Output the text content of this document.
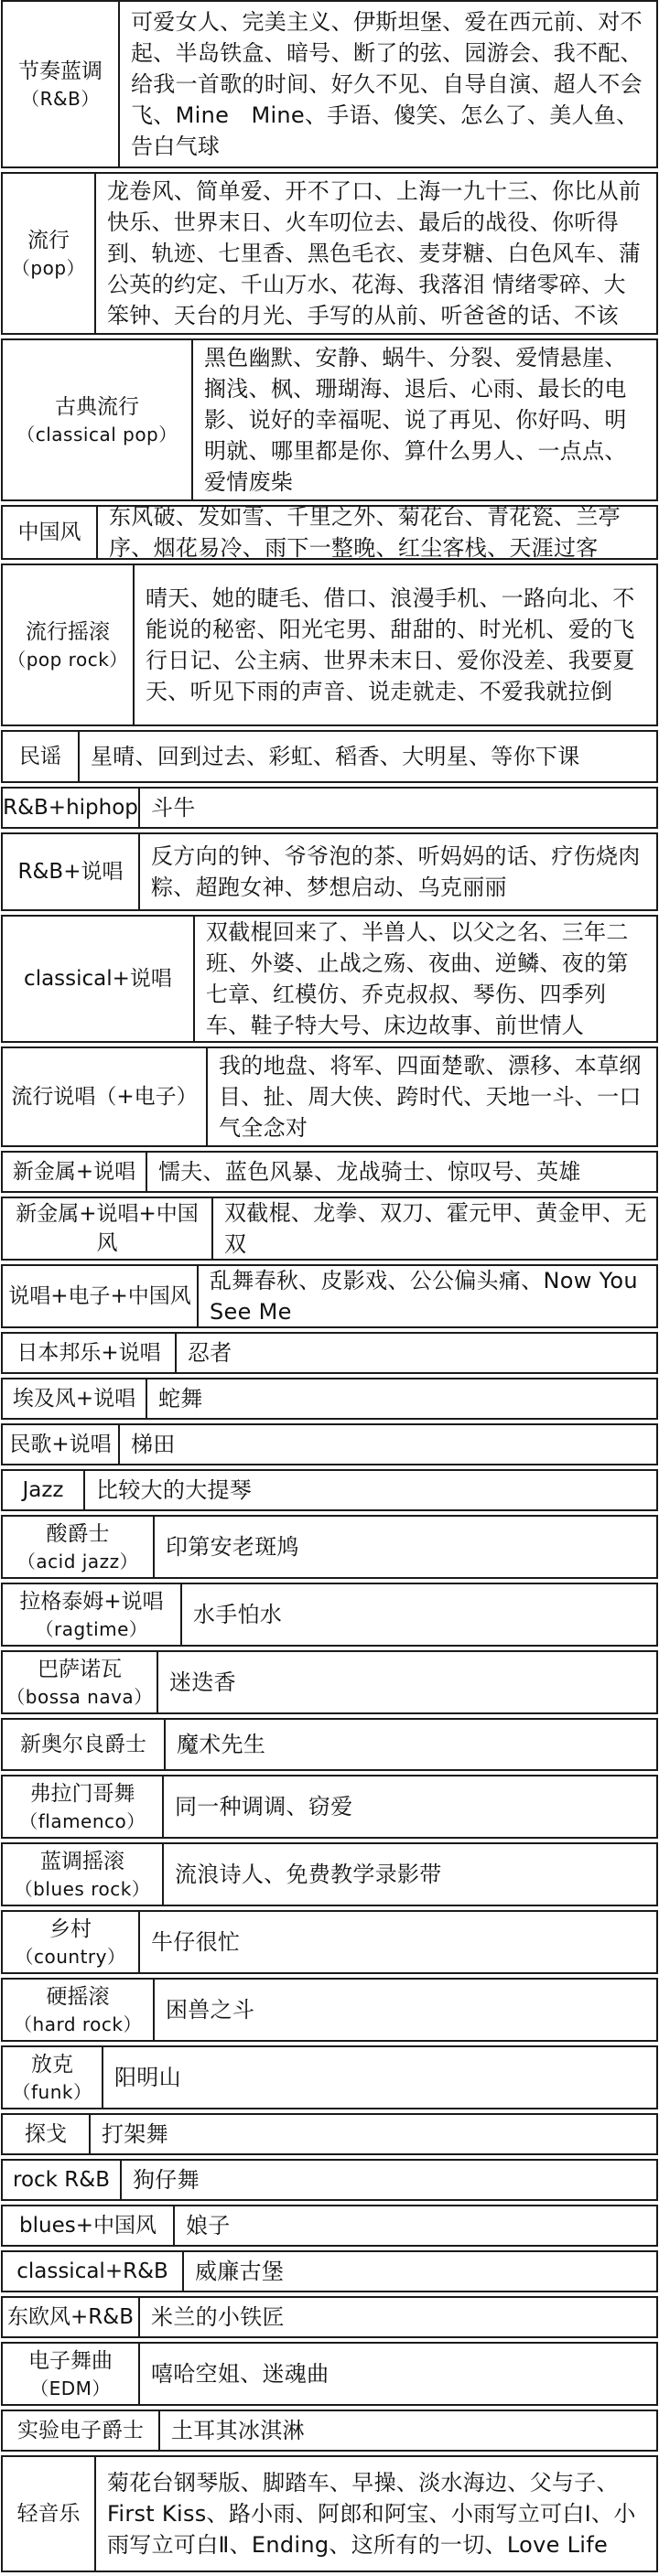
节奏蓝调
（R&B）
可爱女人、完美主义、伊斯坦堡、爱在西元前、对不起、半岛铁盒、暗号、断了的弦、园游会、我不配、给我一首歌的时间、好久不见、自导自演、超人不会飞、Mine　Mine、手语、傻笑、怎么了、美人鱼、告白气球
流行
（pop）
龙卷风、简单爱、开不了口、上海一九十三、你比从前快乐、世界末日、火车叨位去、最后的战役、你听得到、轨迹、七里香、黑色毛衣、麦芽糖、白色风车、蒲公英的约定、千山万水、花海、我落泪 情绪零碎、大笨钟、天台的月光、手写的从前、听爸爸的话、不该
古典流行
（classical pop）
黑色幽默、安静、蜗牛、分裂、爱情悬崖、搁浅、枫、珊瑚海、退后、心雨、最长的电影、说好的幸福呢、说了再见、你好吗、明明就、哪里都是你、算什么男人、一点点、爱情废柴
中国风
东风破、发如雪、千里之外、菊花台、青花瓷、兰亭序、烟花易冷、雨下一整晚、红尘客栈、天涯过客
流行摇滚
（pop rock）
晴天、她的睫毛、借口、浪漫手机、一路向北、不能说的秘密、阳光宅男、甜甜的、时光机、爱的飞行日记、公主病、世界未末日、爱你没差、我要夏天、听见下雨的声音、说走就走、不爱我就拉倒
民谣 星晴、回到过去、彩虹、稻香、大明星、等你下课
R&B+hiphop 斗牛
R&B+说唱
反方向的钟、爷爷泡的茶、听妈妈的话、疗伤烧肉粽、超跑女神、梦想启动、乌克丽丽
classical+说唱
双截棍回来了、半兽人、以父之名、三年二班、外婆、止战之殇、夜曲、逆鳞、夜的第七章、红模仿、乔克叔叔、琴伤、四季列车、鞋子特大号、床边故事、前世情人
流行说唱（+电子）
我的地盘、将军、四面楚歌、漂移、本草纲目、扯、周大侠、跨时代、天地一斗、一口气全念对
新金属+说唱 懦夫、蓝色风暴、龙战骑士、惊叹号、英雄
新金属+说唱+中国风
双截棍、龙拳、双刀、霍元甲、黄金甲、无双
说唱+电子+中国风
乱舞春秋、皮影戏、公公偏头痛、Now You See Me
日本邦乐+说唱 忍者
埃及风+说唱 蛇舞
民歌+说唱 梯田
Jazz 比较大的大提琴
酸爵士
（acid jazz）
印第安老斑鸠
拉格泰姆+说唱
（ragtime）
水手怕水
巴萨诺瓦
（bossa nava）
迷迭香
新奥尔良爵士 魔术先生
弗拉门哥舞
（flamenco）
同一种调调、窃爱
蓝调摇滚
（blues rock）
流浪诗人、免费教学录影带
乡村
（country）
牛仔很忙
硬摇滚
（hard rock）
困兽之斗
放克
（funk）
阳明山
探戈 打架舞
rock R&B 狗仔舞
blues+中国风 娘子
classical+R&B 威廉古堡
东欧风+R&B 米兰的小铁匠
电子舞曲
（EDM）
嘻哈空姐、迷魂曲
实验电子爵士 土耳其冰淇淋
轻音乐
菊花台钢琴版、脚踏车、早操、淡水海边、父与子、First Kiss、路小雨、阿郎和阿宝、小雨写立可白Ⅰ、小雨写立可白Ⅱ、Ending、这所有的一切、Love Life
